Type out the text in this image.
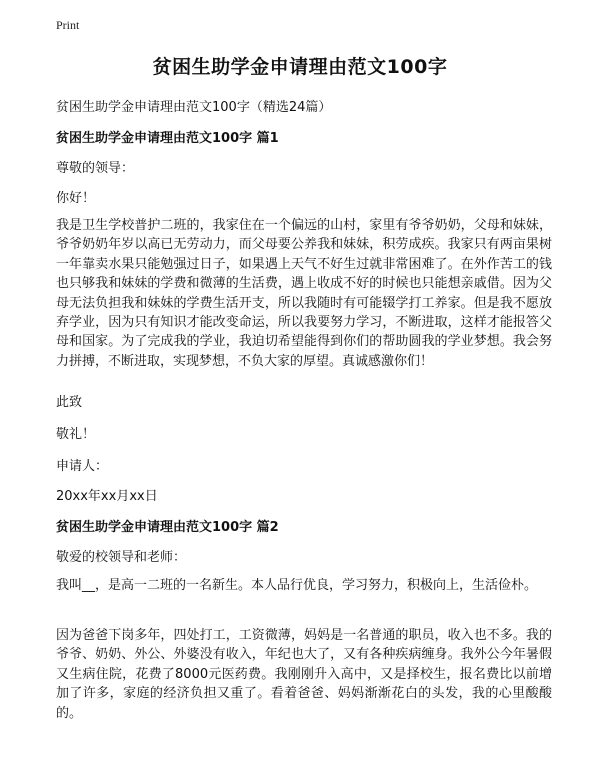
Print
贫困生助学金申请理由范文100字
贫困生助学金申请理由范文100字（精选24篇）
贫困生助学金申请理由范文100字 篇1
尊敬的领导：
你好！
我是卫生学校普护二班的，我家住在一个偏远的山村，家里有爷爷奶奶，父母和妹妹，爷爷奶奶年岁以高已无劳动力，而父母要公养我和妹妹，积劳成疾。我家只有两亩果树一年靠卖水果只能勉强过日子，如果遇上天气不好生过就非常困难了。在外作苦工的钱也只够我和妹妹的学费和微薄的生活费，遇上收成不好的时候也只能想亲戚借。因为父母无法负担我和妹妹的学费生活开支，所以我随时有可能辍学打工养家。但是我不愿放弃学业，因为只有知识才能改变命运，所以我要努力学习，不断进取，这样才能报答父母和国家。为了完成我的学业，我迫切希望能得到你们的帮助圆我的学业梦想。我会努力拼搏，不断进取，实现梦想，不负大家的厚望。真诚感激你们！
此致
敬礼！
申请人：
20xx年xx月xx日
贫困生助学金申请理由范文100字 篇2
敬爱的校领导和老师：
我叫__，是高一二班的一名新生。本人品行优良，学习努力，积极向上，生活俭朴。
因为爸爸下岗多年，四处打工，工资微薄，妈妈是一名普通的职员，收入也不多。我的爷爷、奶奶、外公、外婆没有收入，年纪也大了，又有各种疾病缠身。我外公今年暑假又生病住院，花费了8000元医药费。我刚刚升入高中，又是择校生，报名费比以前增加了许多，家庭的经济负担又重了。看着爸爸、妈妈渐渐花白的头发，我的心里酸酸的。
